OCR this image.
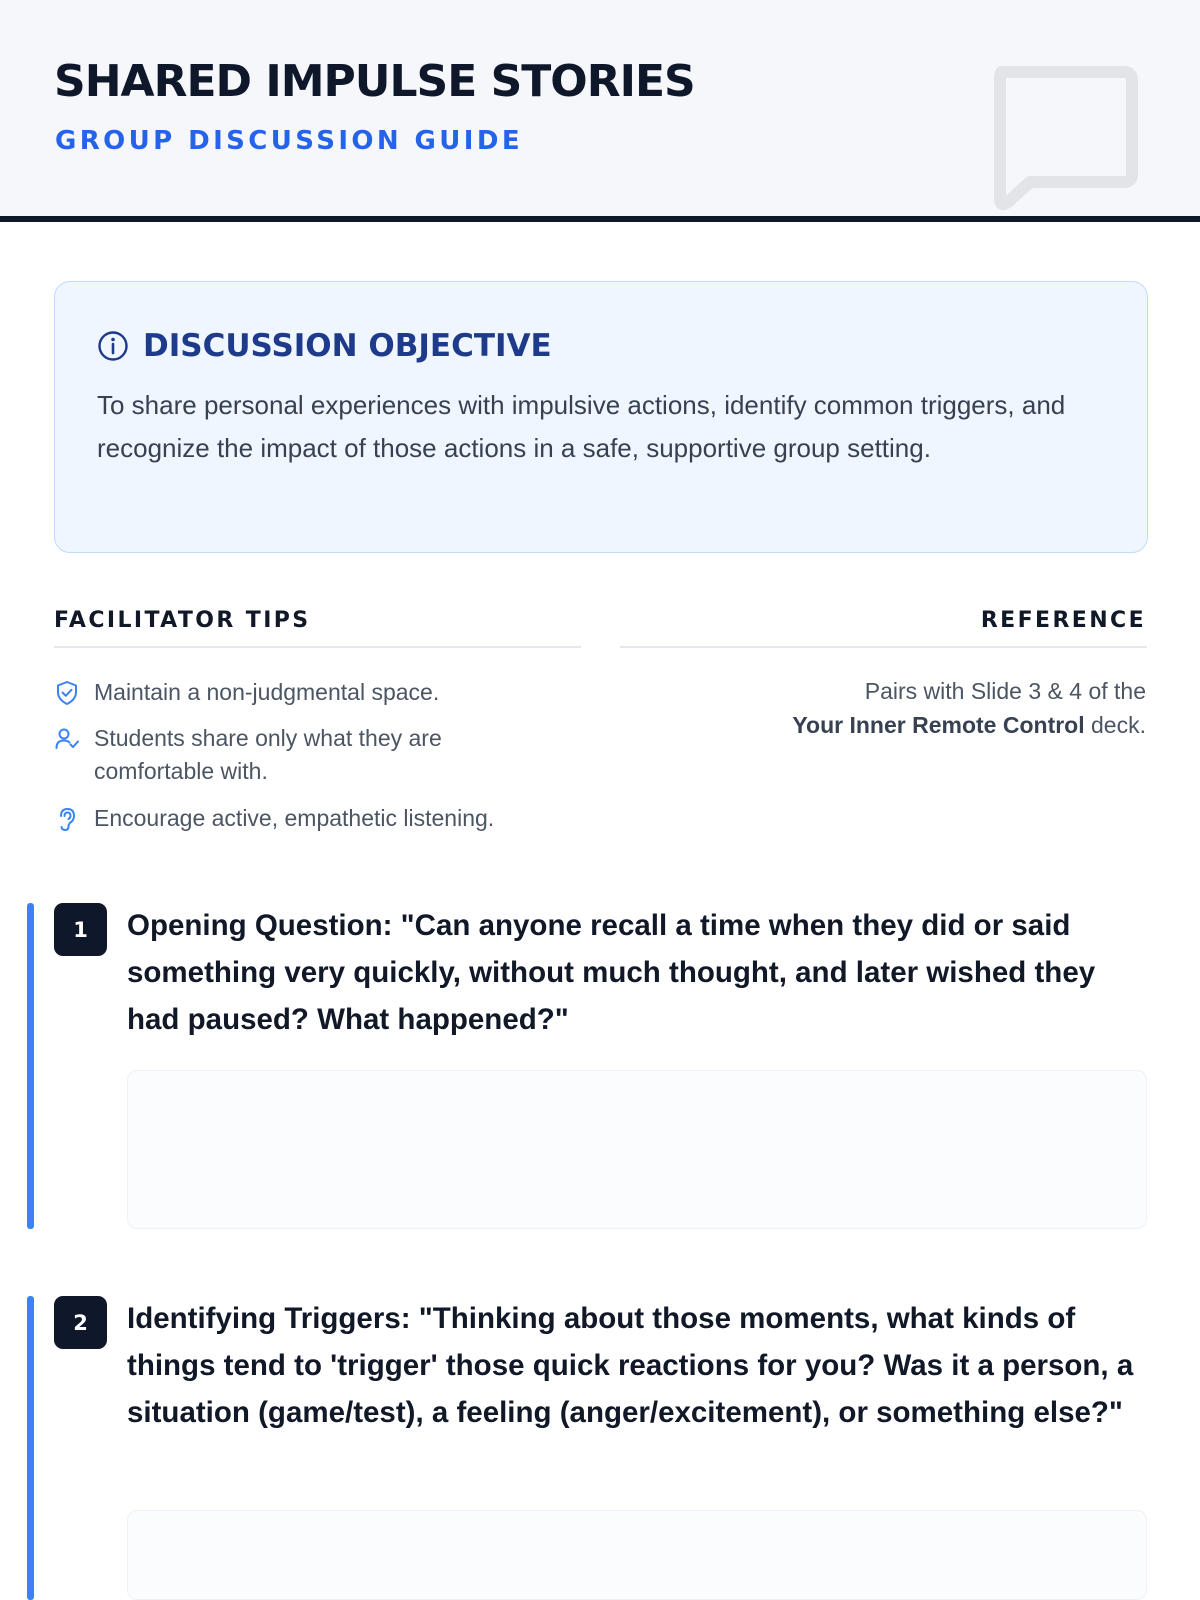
SHARED IMPULSE STORIES
GROUP DISCUSSION GUIDE
DISCUSSION OBJECTIVE

To share personal experiences with impulsive actions, identify common triggers, and recognize the impact of those actions in a safe, supportive group setting.

FACILITATOR TIPS	REFERENCE
Maintain a non-judgmental space.
Students share only what they are comfortable with.
Encourage active, empathetic listening.
Pairs with Slide 3 & 4 of the
Your Inner Remote Control deck.
1	Opening Question: "Can anyone recall a time when they did or said something very quickly, without much thought, and later wished they had paused? What happened?"
2	Identifying Triggers: "Thinking about those moments, what kinds of things tend to 'trigger' those quick reactions for you? Was it a person, a situation (game/test), a feeling (anger/excitement), or something else?"
